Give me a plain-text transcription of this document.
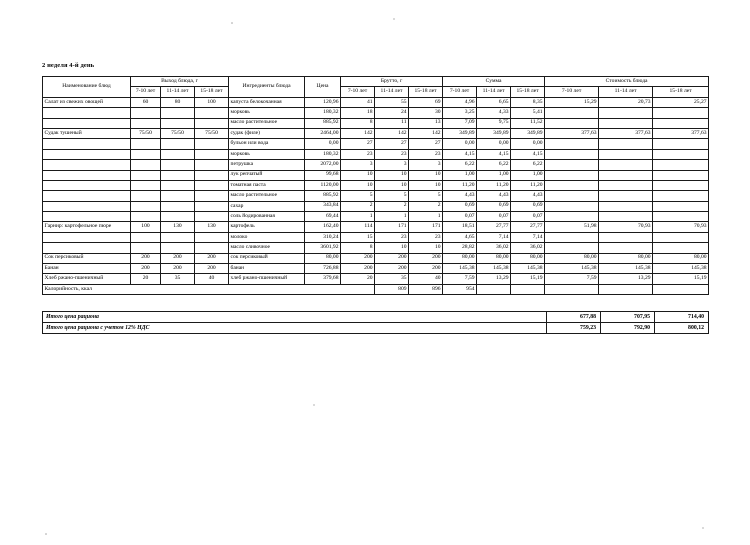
2 неделя 4-й день
Наименование блюд	Выход блюда, г			Ингредиенты блюда	Цена	Брутто, г			Сумма			Стоимость блюда		
	7-10 лет	11-14 лет	15-18 лет			7-10 лет	11-14 лет	15-18 лет	7-10 лет	11-14 лет	15-18 лет	7-10 лет	11-14 лет	15-18 лет
Салат из свежих овощей	60	80	100	капуста белокочанная	120,96	41	55	69	4,96	6,65	8,35	15,29	20,73	25,27
				морковь	180,32	18	24	30	3,25	4,33	5,41			
				масло растительное	885,92	8	11	13	7,09	9,75	11,52			
Судак тушеный	75/50	75/50	75/50	судак (филе)	2464,00	142	142	142	349,89	349,89	349,89	377,63	377,63	377,63
				бульон или вода	0,00	27	27	27	0,00	0,00	0,00			
				морковь	180,32	23	23	23	4,15	4,15	4,15			
				петрушка	2072,00	3	3	3	6,22	6,22	6,22			
				лук репчатый	99,68	10	10	10	1,00	1,00	1,00			
				томатная паста	1120,00	10	10	10	11,20	11,20	11,20			
				масло растительное	885,92	5	5	5	4,43	4,43	4,43			
				сахар	343,84	2	2	2	0,69	0,69	0,69			
				соль йодированная	69,44	1	1	1	0,07	0,07	0,07			
Гарнир: картофельное пюре	100	130	130	картофель	162,40	114	171	171	18,51	27,77	27,77	51,98	70,93	70,93
				молоко	310,24	15	23	23	4,65	7,14	7,14			
				масло сливочное	3601,92	8	10	10	28,82	36,02	36,02			
Сок персиковый	200	200	200	сок персиковый	80,00	200	200	200	80,00	80,00	80,00	80,00	80,00	80,00
Банан	200	200	200	банан	726,88	200	200	200	145,38	145,38	145,38	145,38	145,38	145,38
Хлеб ржано-пшеничный	20	35	40	хлеб ржано-пшеничный	379,68	20	35	40	7,59	13,29	15,19	7,59	13,29	15,19
Калорийность, ккал							809	896	954					
Итого цена рациона	677,88	707,95	714,40
Итого цена рациона с учетом 12% НДС	759,23	792,90	800,12
